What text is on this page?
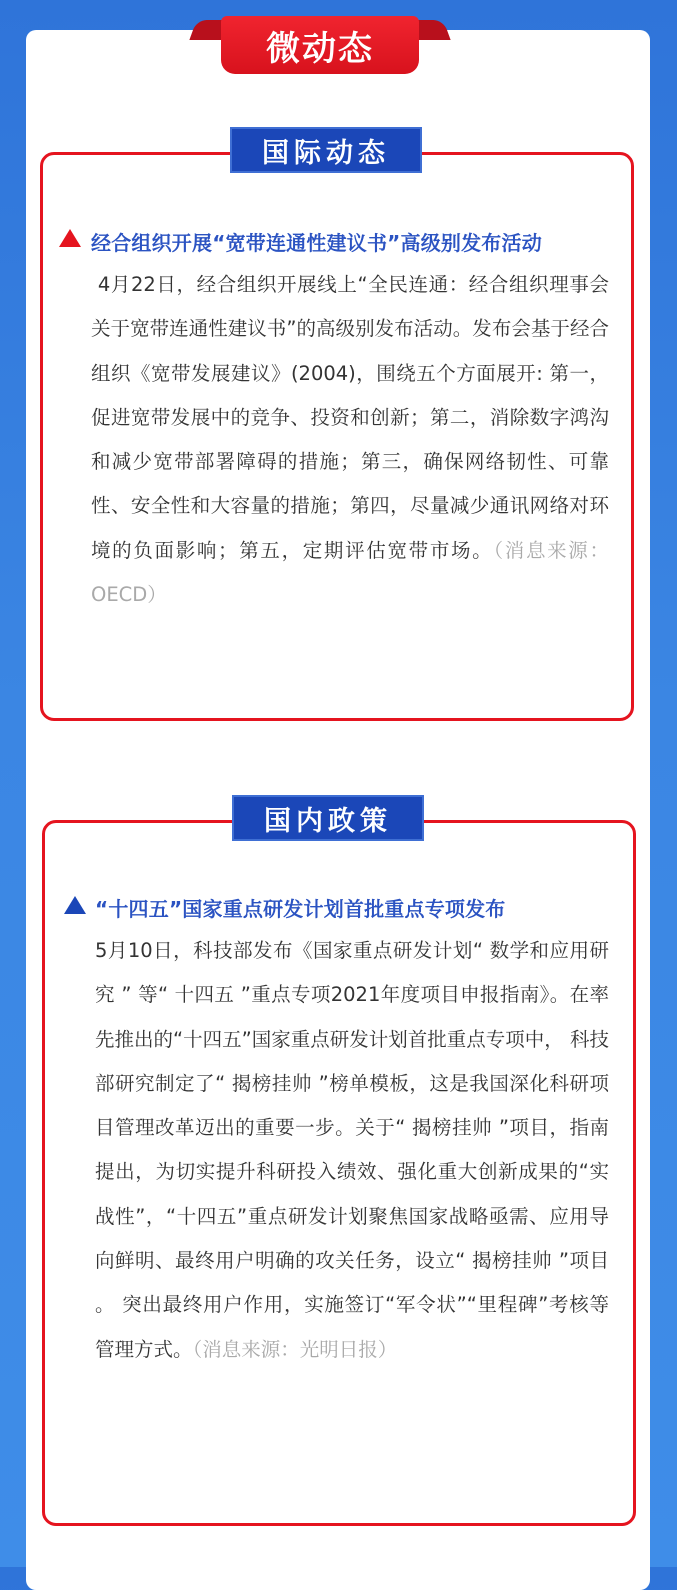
微动态
国际动态
经合组织开展“宽带连通性建议书”高级别发布活动

4月22日，经合组织开展线上“全民连通：经合组织理事会关于宽带连通性建议书”的高级别发布活动。发布会基于经合组织《宽带发展建议》(2004)，围绕五个方面展开: 第一，促进宽带发展中的竞争、投资和创新；第二，消除数字鸿沟和减少宽带部署障碍的措施；第三，确保网络韧性、可靠性、安全性和大容量的措施；第四，尽量减少通讯网络对环境的负面影响；第五，定期评估宽带市场。（消息来源：OECD）

国内政策
“十四五”国家重点研发计划首批重点专项发布

5月10日，科技部发布《国家重点研发计划“ 数学和应用研究 ” 等“ 十四五 ”重点专项2021年度项目申报指南》。在率先推出的“十四五”国家重点研发计划首批重点专项中， 科技部研究制定了“ 揭榜挂帅 ”榜单模板，这是我国深化科研项目管理改革迈出的重要一步。关于“ 揭榜挂帅 ”项目，指南提出，为切实提升科研投入绩效、强化重大创新成果的“实战性”，“十四五”重点研发计划聚焦国家战略亟需、应用导向鲜明、最终用户明确的攻关任务，设立“ 揭榜挂帅 ”项目 。 突出最终用户作用，实施签订“军令状”“里程碑”考核等管理方式。（消息来源：光明日报）
